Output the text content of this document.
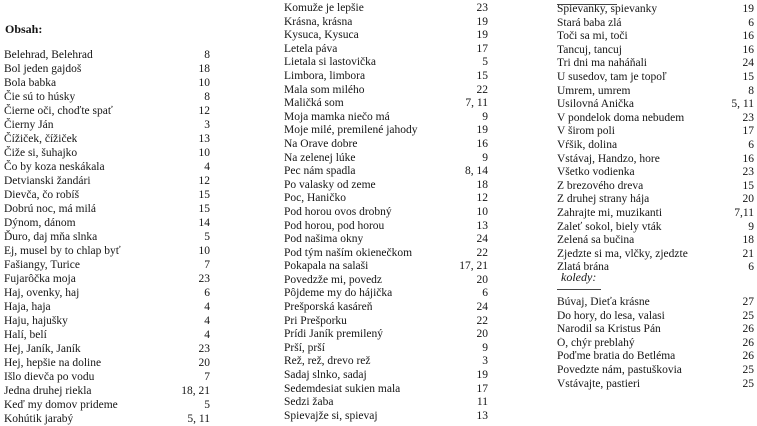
Obsah:
Belehrad, Belehrad	8
Bol jeden gajdoš	18
Bola babka	10
Čie sú to húsky	8
Čierne oči, choďte spať	12
Čierny Ján	3
Čížiček, čížiček	13
Čiže si, šuhajko	10
Čo by koza neskákala	4
Detvianski žandári	12
Dievča, čo robíš	15
Dobrú noc, má milá	15
Dýnom, dánom	14
Ďuro, daj mňa slnka	5
Ej, musel by to chlap byť	10
Fašiangy, Turice	7
Fujarôčka moja	23
Haj, ovenky, haj	6
Haja, haja	4
Haju, hajušky	4
Halí, belí	4
Hej, Janík, Janík	23
Hej, hepšie na doline	20
Išlo dievča po vodu	7
Jedna druhej riekla	18, 21
Keď my domov prideme	5
Kohútik jarabý	5, 11
Komuže je lepšie	23
Krásna, krásna	19
Kysuca, Kysuca	19
Letela páva	17
Lietala si lastovička	5
Limbora, limbora	15
Mala som milého	22
Maličká som	7, 11
Moja mamka niečo má	9
Moje milé, premilené jahody	19
Na Orave dobre	16
Na zelenej lúke	9
Pec nám spadla	8, 14
Po valasky od zeme	18
Poc, Haničko	12
Pod horou ovos drobný	10
Pod horou, pod horou	13
Pod našima okny	24
Pod tým naším okienečkom	22
Pokapala na salaši	17, 21
Povedzže mi, povedz	20
Pôjdeme my do hájička	6
Prešporská kasáreň	24
Pri Prešporku	22
Prídi Janík premilený	20
Prší, prší	9
Rež, rež, drevo rež	3
Sadaj slnko, sadaj	19
Sedemdesiat sukien mala	17
Sedzi žaba	11
Spievajže si, spievaj	13
Spievanky, spievanky	19
Stará baba zlá	6
Toči sa mi, toči	16
Tancuj, tancuj	16
Tri dni ma naháňali	24
U susedov, tam je topoľ	15
Umrem, umrem	8
Usilovná Anička	5, 11
V pondelok doma nebudem	23
V širom poli	17
Vŕšik, dolina	6
Vstávaj, Handzo, hore	16
Všetko vodienka	23
Z brezového dreva	15
Z druhej strany hája	20
Zahrajte mi, muzikanti	7,11
Zaleť sokol, biely vták	9
Zelená sa bučina	18
Zjedzte si ma, vlčky, zjedzte	21
Zlatá brána	6
koledy:
Búvaj, Dieťa krásne	27
Do hory, do lesa, valasi	25
Narodil sa Kristus Pán	26
Ó, chýr preblahý	26
Poďme bratia do Betléma	26
Povedzte nám, pastuškovia	25
Vstávajte, pastieri	25
